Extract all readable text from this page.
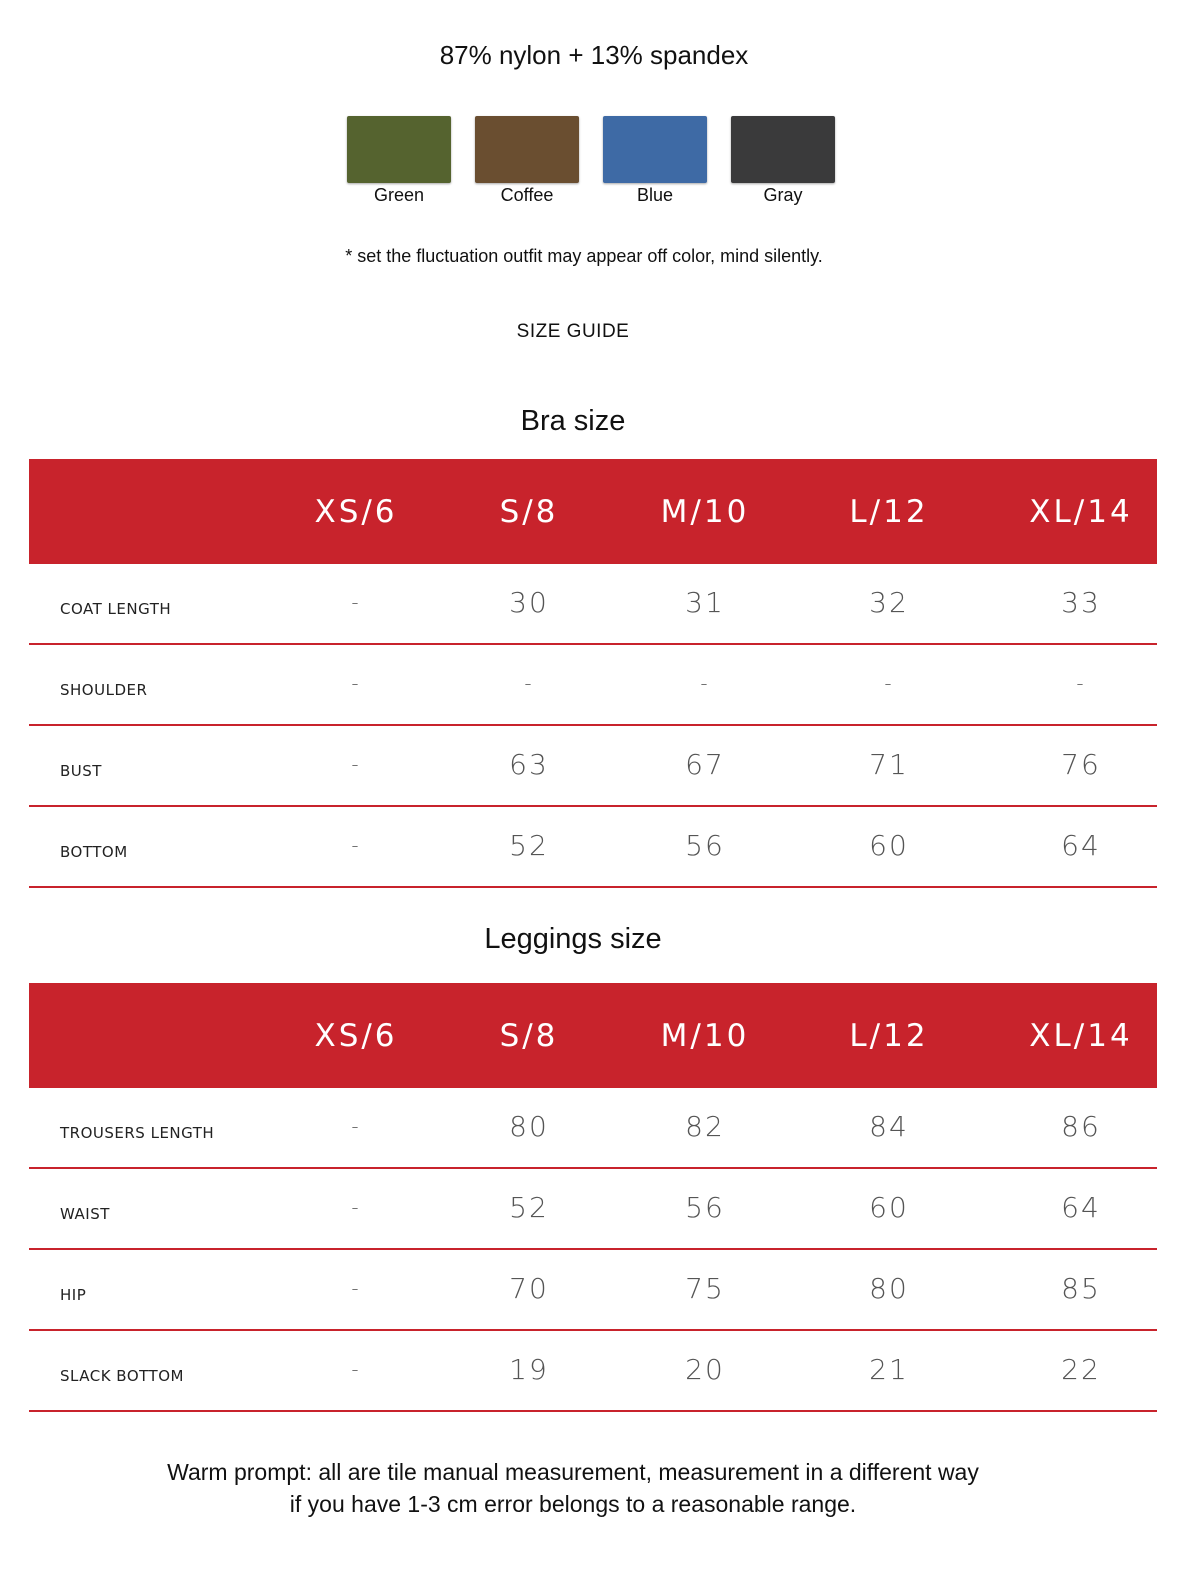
87% nylon + 13% spandex
Green	Coffee	Blue	Gray
* set the fluctuation outfit may appear off color, mind silently.
SIZE GUIDE
Bra size
XS/6	S/8	M/10	L/12	XL/14
COAT LENGTH	-	30	31	32	33
SHOULDER	-	-	-	-	-
BUST	-	63	67	71	76
BOTTOM	-	52	56	60	64
Leggings size
XS/6	S/8	M/10	L/12	XL/14
TROUSERS LENGTH	-	80	82	84	86
WAIST	-	52	56	60	64
HIP	-	70	75	80	85
SLACK BOTTOM	-	19	20	21	22
Warm prompt: all are tile manual measurement, measurement in a different way
if you have 1-3 cm error belongs to a reasonable range.
